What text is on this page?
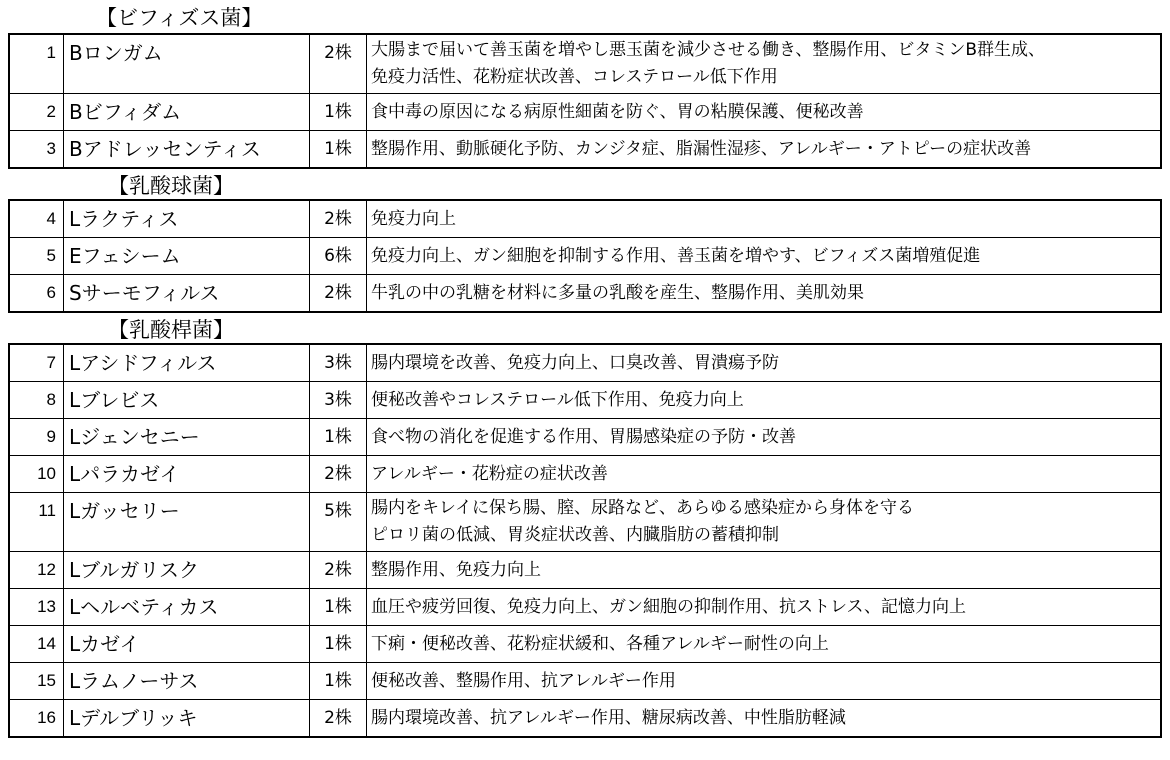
【ビフィズス菌】
1	Bロンガム	2株	大腸まで届いて善玉菌を増やし悪玉菌を減少させる働き、整腸作用、ビタミンB群生成、
免疫力活性、花粉症状改善、コレステロール低下作用

2	Bビフィダム	1株	食中毒の原因になる病原性細菌を防ぐ、胃の粘膜保護、便秘改善

3	Bアドレッセンティス	1株	整腸作用、動脈硬化予防、カンジタ症、脂漏性湿疹、アレルギー・アトピーの症状改善
【乳酸球菌】
4	Lラクティス	2株	免疫力向上

5	Eフェシーム	6株	免疫力向上、ガン細胞を抑制する作用、善玉菌を増やす、ビフィズス菌増殖促進

6	Sサーモフィルス	2株	牛乳の中の乳糖を材料に多量の乳酸を産生、整腸作用、美肌効果
【乳酸桿菌】
7	Lアシドフィルス	3株	腸内環境を改善、免疫力向上、口臭改善、胃潰瘍予防

8	Lブレビス	3株	便秘改善やコレステロール低下作用、免疫力向上

9	Lジェンセニー	1株	食べ物の消化を促進する作用、胃腸感染症の予防・改善

10	Lパラカゼイ	2株	アレルギー・花粉症の症状改善

11	Lガッセリー	5株	腸内をキレイに保ち腸、膣、尿路など、あらゆる感染症から身体を守る
ピロリ菌の低減、胃炎症状改善、内臓脂肪の蓄積抑制

12	Lブルガリスク	2株	整腸作用、免疫力向上

13	Lヘルベティカス	1株	血圧や疲労回復、免疫力向上、ガン細胞の抑制作用、抗ストレス、記憶力向上

14	Lカゼイ	1株	下痢・便秘改善、花粉症状緩和、各種アレルギー耐性の向上

15	Lラムノーサス	1株	便秘改善、整腸作用、抗アレルギー作用

16	Lデルブリッキ	2株	腸内環境改善、抗アレルギー作用、糖尿病改善、中性脂肪軽減
